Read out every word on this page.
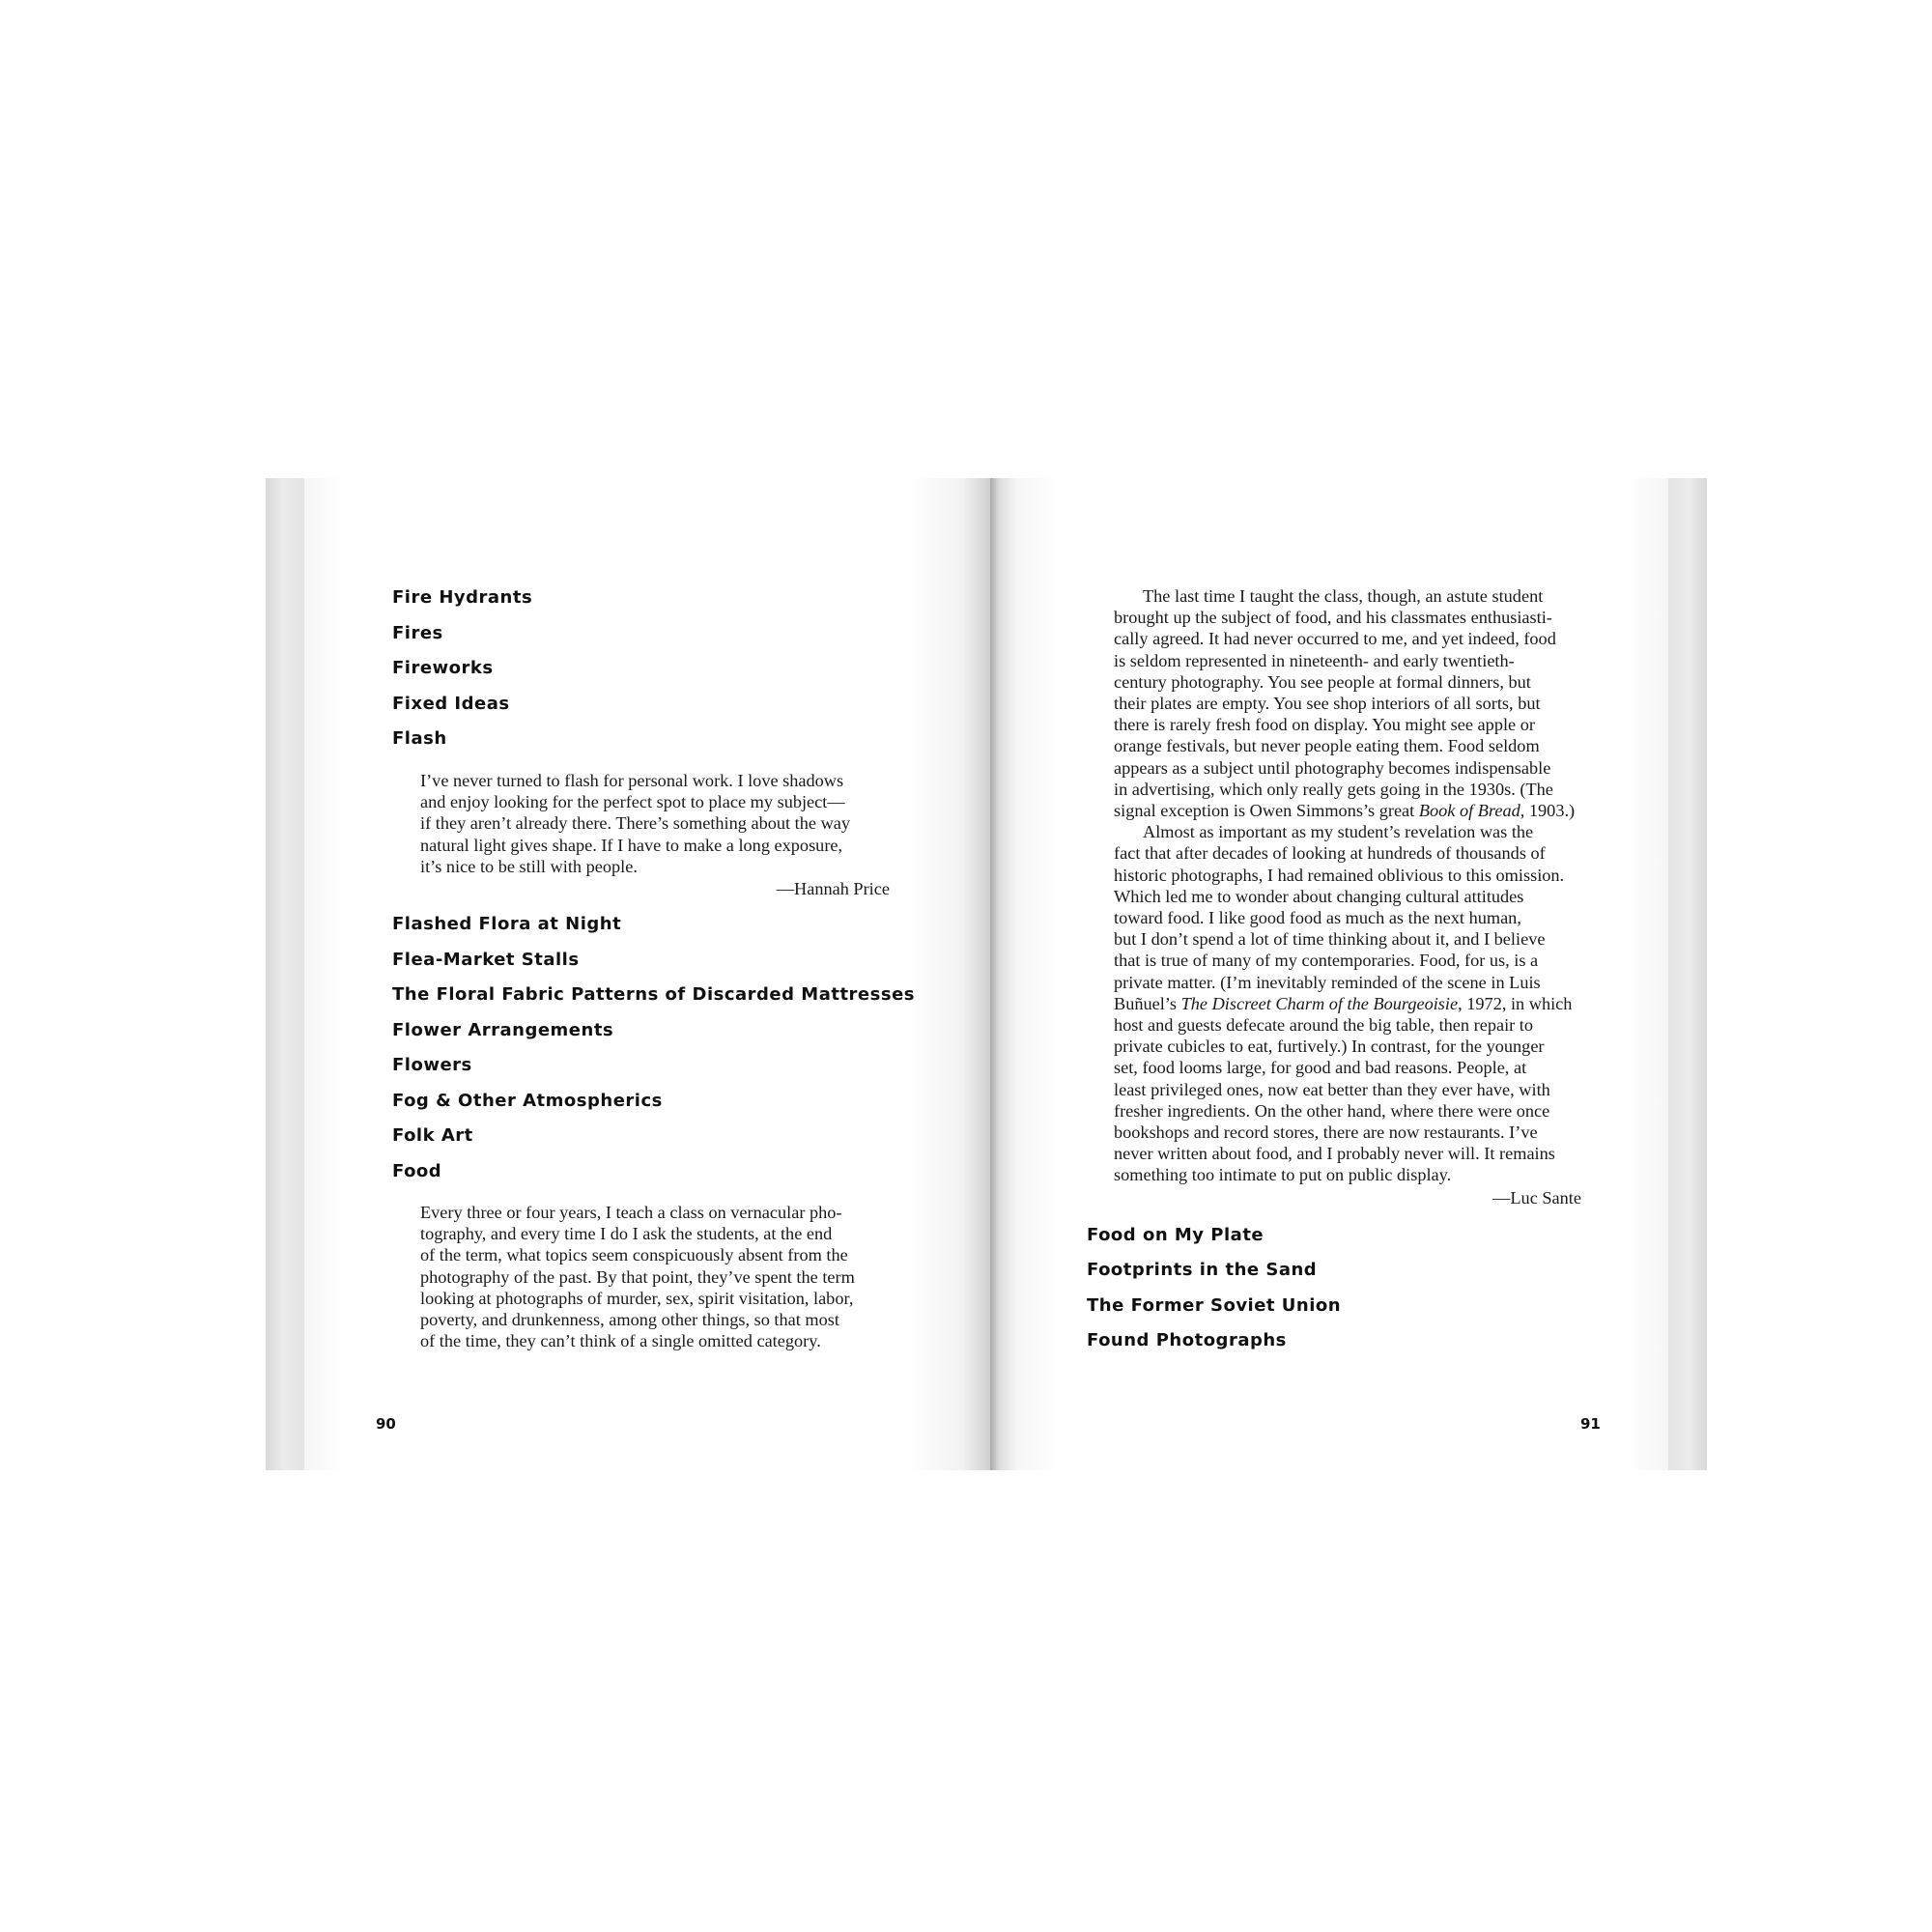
Fire Hydrants
Fires
Fireworks
Fixed Ideas
Flash
I’ve never turned to flash for personal work. I love shadows
and enjoy looking for the perfect spot to place my subject—
if they aren’t already there. There’s something about the way
natural light gives shape. If I have to make a long exposure,
it’s nice to be still with people.
—Hannah Price
Flashed Flora at Night
Flea-Market Stalls
The Floral Fabric Patterns of Discarded Mattresses
Flower Arrangements
Flowers
Fog & Other Atmospherics
Folk Art
Food
Every three or four years, I teach a class on vernacular pho-
tography, and every time I do I ask the students, at the end
of the term, what topics seem conspicuously absent from the
photography of the past. By that point, they’ve spent the term
looking at photographs of murder, sex, spirit visitation, labor,
poverty, and drunkenness, among other things, so that most
of the time, they can’t think of a single omitted category.
90
The last time I taught the class, though, an astute student
brought up the subject of food, and his classmates enthusiasti-
cally agreed. It had never occurred to me, and yet indeed, food
is seldom represented in nineteenth- and early twentieth-
century photography. You see people at formal dinners, but
their plates are empty. You see shop interiors of all sorts, but
there is rarely fresh food on display. You might see apple or
orange festivals, but never people eating them. Food seldom
appears as a subject until photography becomes indispensable
in advertising, which only really gets going in the 1930s. (The
signal exception is Owen Simmons’s great Book of Bread, 1903.)
Almost as important as my student’s revelation was the
fact that after decades of looking at hundreds of thousands of
historic photographs, I had remained oblivious to this omission.
Which led me to wonder about changing cultural attitudes
toward food. I like good food as much as the next human,
but I don’t spend a lot of time thinking about it, and I believe
that is true of many of my contemporaries. Food, for us, is a
private matter. (I’m inevitably reminded of the scene in Luis
Buñuel’s The Discreet Charm of the Bourgeoisie, 1972, in which
host and guests defecate around the big table, then repair to
private cubicles to eat, furtively.) In contrast, for the younger
set, food looms large, for good and bad reasons. People, at
least privileged ones, now eat better than they ever have, with
fresher ingredients. On the other hand, where there were once
bookshops and record stores, there are now restaurants. I’ve
never written about food, and I probably never will. It remains
something too intimate to put on public display.
—Luc Sante
Food on My Plate
Footprints in the Sand
The Former Soviet Union
Found Photographs
91
